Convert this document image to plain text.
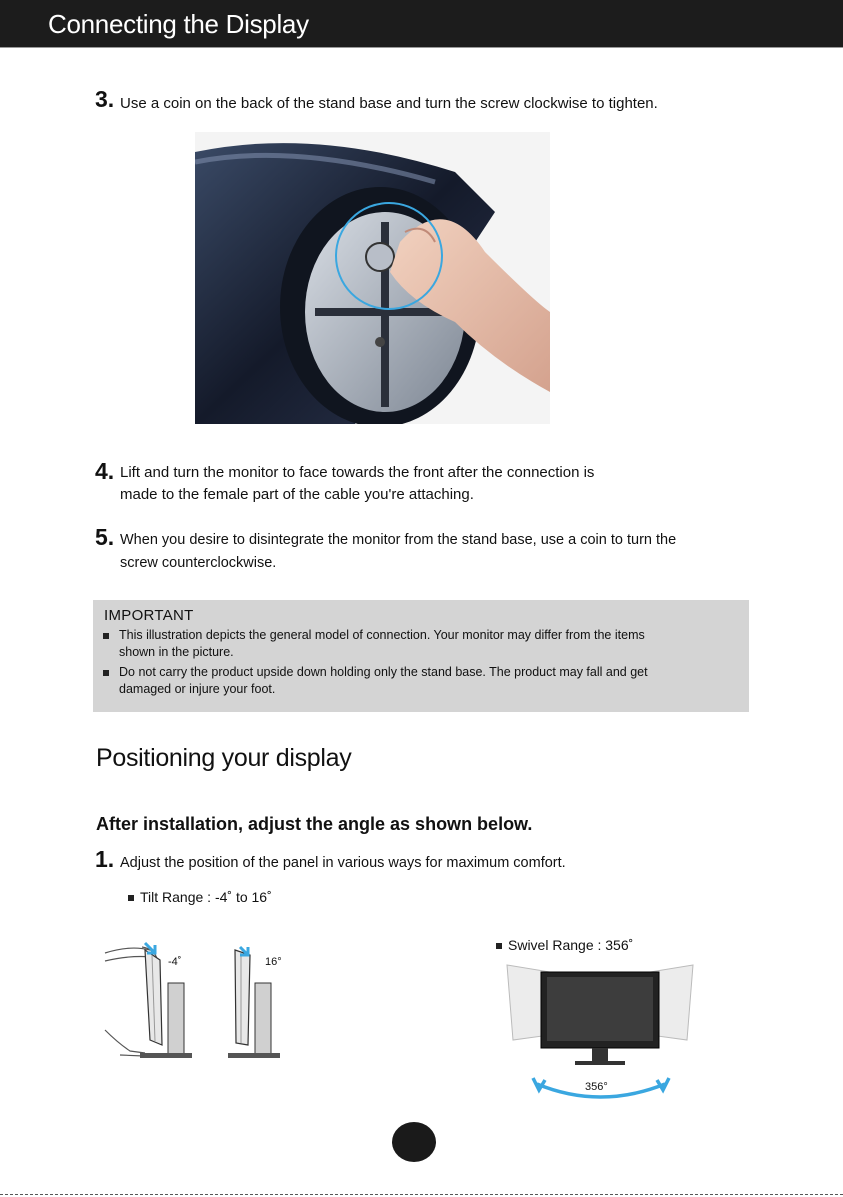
Connecting the Display
3. Use a coin on the back of the stand base and turn the screw clockwise to tighten.
4. Lift and turn the monitor to face towards the front after the connection is
made to the female part of the cable you're attaching.
5. When you desire to disintegrate the monitor from the stand base, use a coin to turn the
screw counterclockwise.
IMPORTANT
This illustration depicts the general model of connection. Your monitor may differ from the items
shown in the picture.
Do not carry the product upside down holding only the stand base. The product may fall and get
damaged or injure your foot.
Positioning your display
After installation, adjust the angle as shown below.
1. Adjust the position of the panel in various ways for maximum comfort.
Tilt Range : -4˚ to 16˚
Swivel Range : 356˚
-4˚	16°
356°
